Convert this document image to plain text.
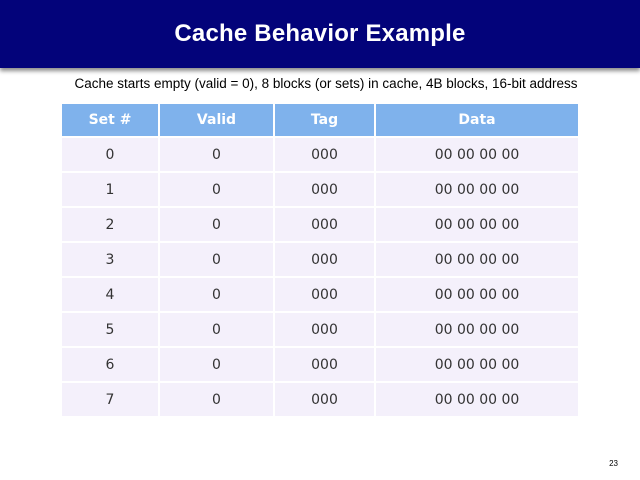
Cache Behavior Example
Cache starts empty (valid = 0), 8 blocks (or sets) in cache, 4B blocks, 16-bit address
Set #	Valid	Tag	Data
0	0	000	00 00 00 00
1	0	000	00 00 00 00
2	0	000	00 00 00 00
3	0	000	00 00 00 00
4	0	000	00 00 00 00
5	0	000	00 00 00 00
6	0	000	00 00 00 00
7	0	000	00 00 00 00
23
